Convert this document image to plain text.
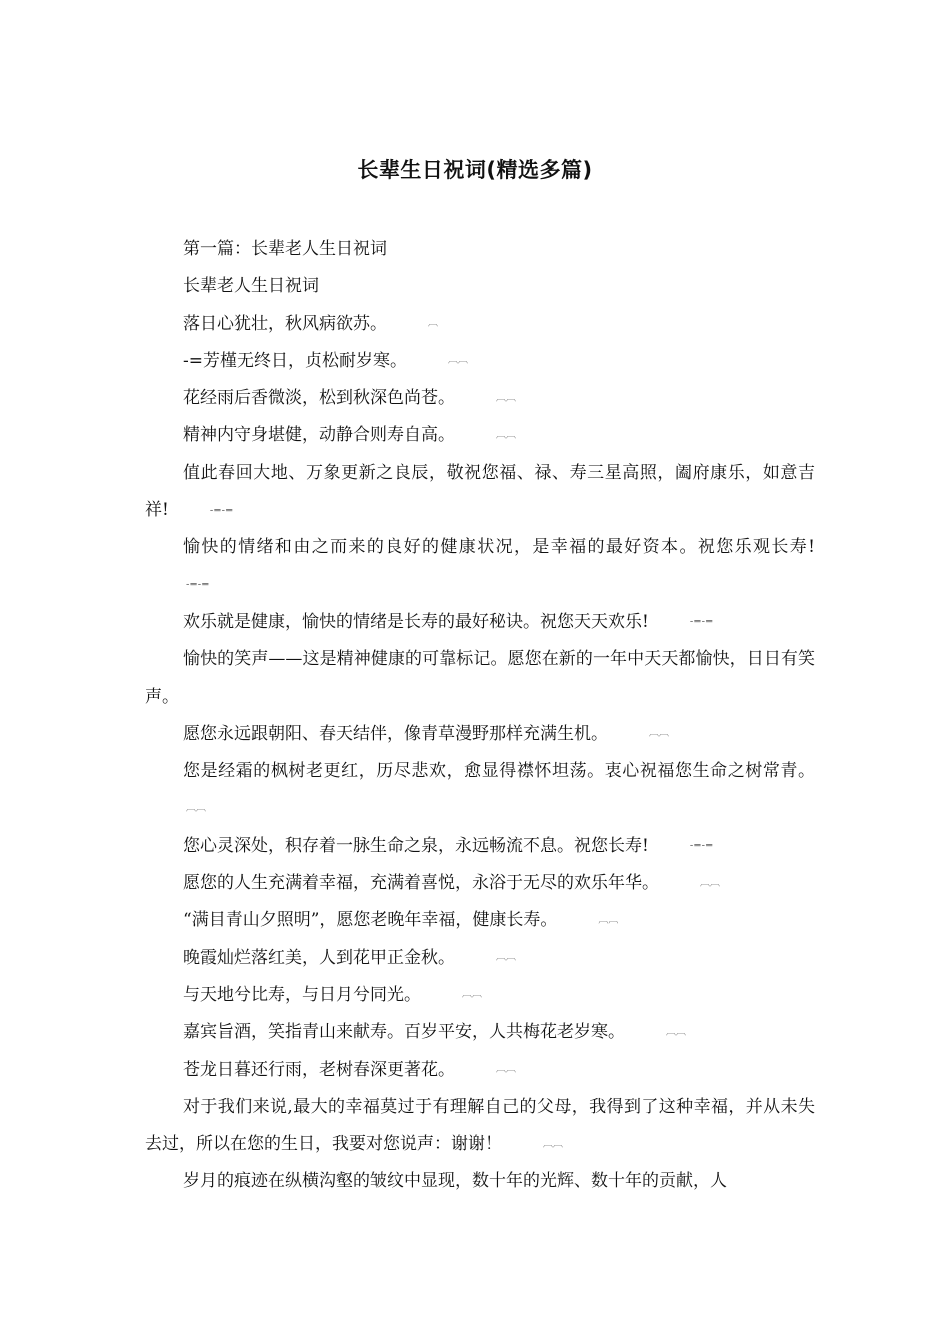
长辈生日祝词(精选多篇)

第一篇：长辈老人生日祝词

长辈老人生日祝词

落日心犹壮，秋风病欲苏。	︹

-=芳槿无终日，贞松耐岁寒。	︹︹

花经雨后香微淡，松到秋深色尚苍。	︹︹

精神内守身堪健，动静合则寿自高。	︹︹

值此春回大地、万象更新之良辰，敬祝您福、禄、寿三星高照，阖府康乐，如意吉祥!	-=-=

愉快的情绪和由之而来的良好的健康状况，是幸福的最好资本。祝您乐观长寿!-=-=

欢乐就是健康，愉快的情绪是长寿的最好秘诀。祝您天天欢乐!	-=-=

愉快的笑声——这是精神健康的可靠标记。愿您在新的一年中天天都愉快，日日有笑声。

愿您永远跟朝阳、春天结伴，像青草漫野那样充满生机。	︹︹

您是经霜的枫树老更红，历尽悲欢，愈显得襟怀坦荡。衷心祝福您生命之树常青。︹︹

您心灵深处，积存着一脉生命之泉，永远畅流不息。祝您长寿!	-=-=

愿您的人生充满着幸福，充满着喜悦，永浴于无尽的欢乐年华。	︹︹

“满目青山夕照明”，愿您老晚年幸福，健康长寿。	︹︹

晚霞灿烂落红美，人到花甲正金秋。	︹︹

与天地兮比寿，与日月兮同光。	︹︹

嘉宾旨酒，笑指青山来献寿。百岁平安，人共梅花老岁寒。	︹︹

苍龙日暮还行雨，老树春深更著花。	︹︹

对于我们来说,最大的幸福莫过于有理解自己的父母，我得到了这种幸福，并从未失去过，所以在您的生日，我要对您说声：谢谢！	︹︹

岁月的痕迹在纵横沟壑的皱纹中显现，数十年的光辉、数十年的贡献，人
